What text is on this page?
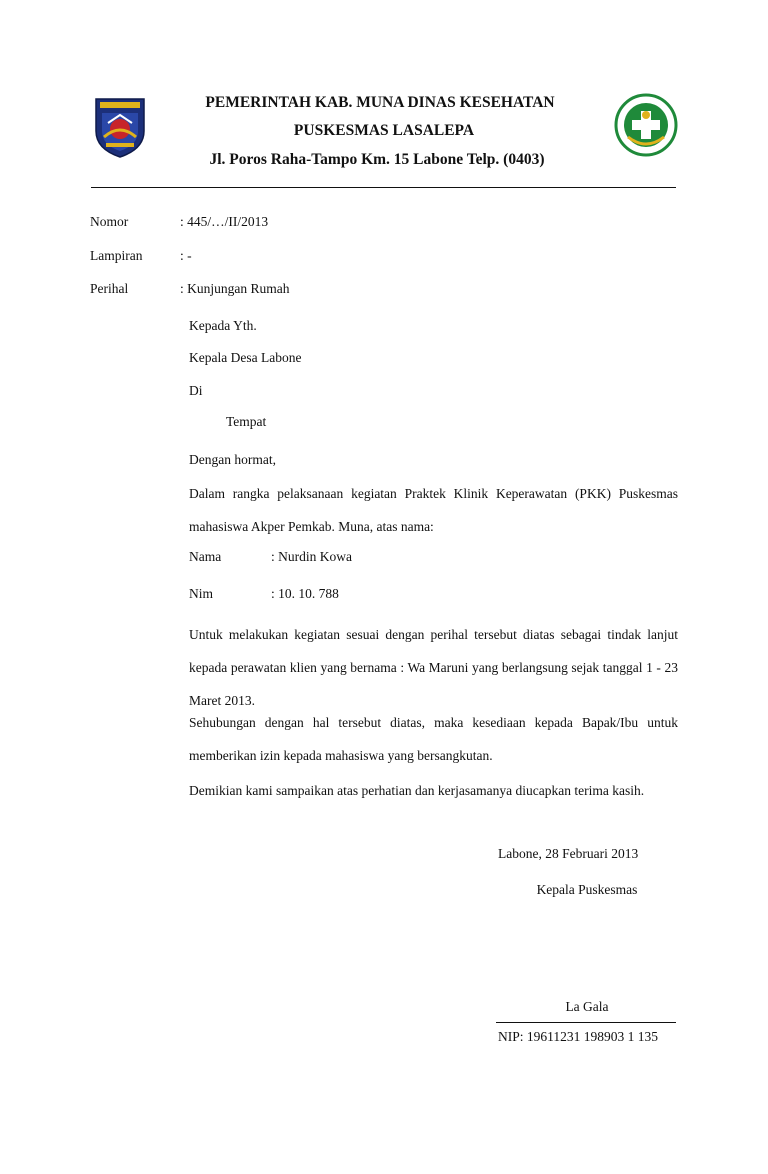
PEMERINTAH KAB. MUNA DINAS KESEHATAN
PUSKESMAS LASALEPA
Jl. Poros Raha-Tampo Km. 15 Labone Telp. (0403)
Nomor	: 445/…/II/2013
Lampiran	: -
Perihal	: Kunjungan Rumah
Kepada Yth.
Kepala Desa Labone
Di
Tempat
Dengan hormat,
Dalam rangka pelaksanaan kegiatan Praktek Klinik Keperawatan (PKK) Puskesmas mahasiswa Akper Pemkab. Muna, atas nama:
Nama	: Nurdin Kowa
Nim	: 10. 10. 788
Untuk melakukan kegiatan sesuai dengan perihal tersebut diatas sebagai tindak lanjut kepada perawatan klien yang bernama : Wa Maruni yang berlangsung sejak tanggal 1 - 23 Maret 2013.
Sehubungan dengan hal tersebut diatas, maka kesediaan kepada Bapak/Ibu untuk memberikan izin kepada mahasiswa yang bersangkutan.
Demikian kami sampaikan atas perhatian dan kerjasamanya diucapkan terima kasih.
Labone, 28 Februari 2013
Kepala Puskesmas
La Gala
NIP: 19611231 198903 1 135
